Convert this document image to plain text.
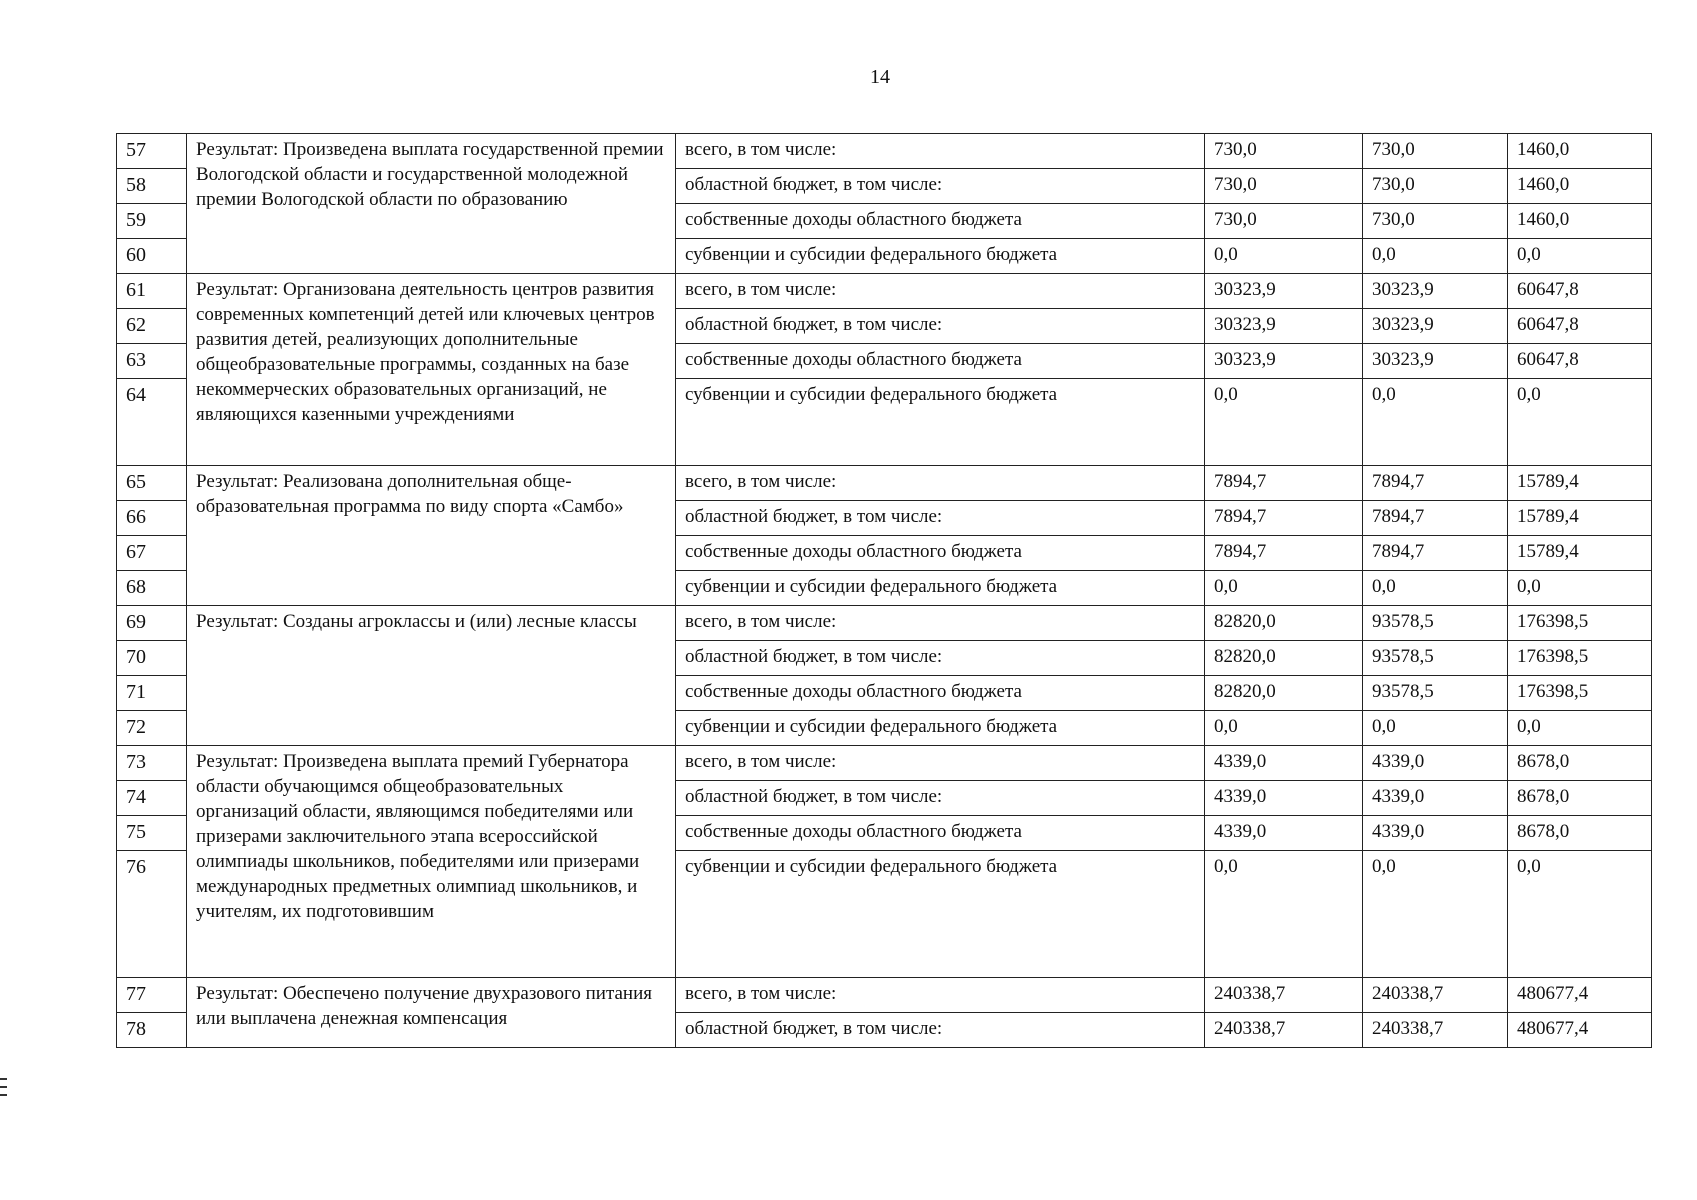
14
57	Результат: Произведена выплата государственной премии Вологодской области и государственной молодежной премии Вологодской области по образованию	всего, в том числе:	730,0	730,0	1460,0
58		областной бюджет, в том числе:	730,0	730,0	1460,0
59		собственные доходы областного бюджета	730,0	730,0	1460,0
60		субвенции и субсидии федерального бюджета	0,0	0,0	0,0
61	Результат: Организована деятельность центров развития современных компетенций детей или ключевых центров развития детей, реализующих дополнительные общеобразовательные программы, созданных на базе некоммерческих образовательных организаций, не являющихся казенными учреждениями	всего, в том числе:	30323,9	30323,9	60647,8
62		областной бюджет, в том числе:	30323,9	30323,9	60647,8
63		собственные доходы областного бюджета	30323,9	30323,9	60647,8
64		субвенции и субсидии федерального бюджета	0,0	0,0	0,0
65	Результат: Реализована дополнительная общеобразовательная программа по виду спорта «Самбо»	всего, в том числе:	7894,7	7894,7	15789,4
66		областной бюджет, в том числе:	7894,7	7894,7	15789,4
67		собственные доходы областного бюджета	7894,7	7894,7	15789,4
68		субвенции и субсидии федерального бюджета	0,0	0,0	0,0
69	Результат: Созданы агроклассы и (или) лесные классы	всего, в том числе:	82820,0	93578,5	176398,5
70		областной бюджет, в том числе:	82820,0	93578,5	176398,5
71		собственные доходы областного бюджета	82820,0	93578,5	176398,5
72		субвенции и субсидии федерального бюджета	0,0	0,0	0,0
73	Результат: Произведена выплата премий Губернатора области обучающимся общеобразовательных организаций области, являющимся победителями или призерами заключительного этапа всероссийской олимпиады школьников, победителями или призерами международных предметных олимпиад школьников, и учителям, их подготовившим	всего, в том числе:	4339,0	4339,0	8678,0
74		областной бюджет, в том числе:	4339,0	4339,0	8678,0
75		собственные доходы областного бюджета	4339,0	4339,0	8678,0
76		субвенции и субсидии федерального бюджета	0,0	0,0	0,0
77	Результат: Обеспечено получение двухразового питания или выплачена денежная компенсация	всего, в том числе:	240338,7	240338,7	480677,4
78		областной бюджет, в том числе:	240338,7	240338,7	480677,4
